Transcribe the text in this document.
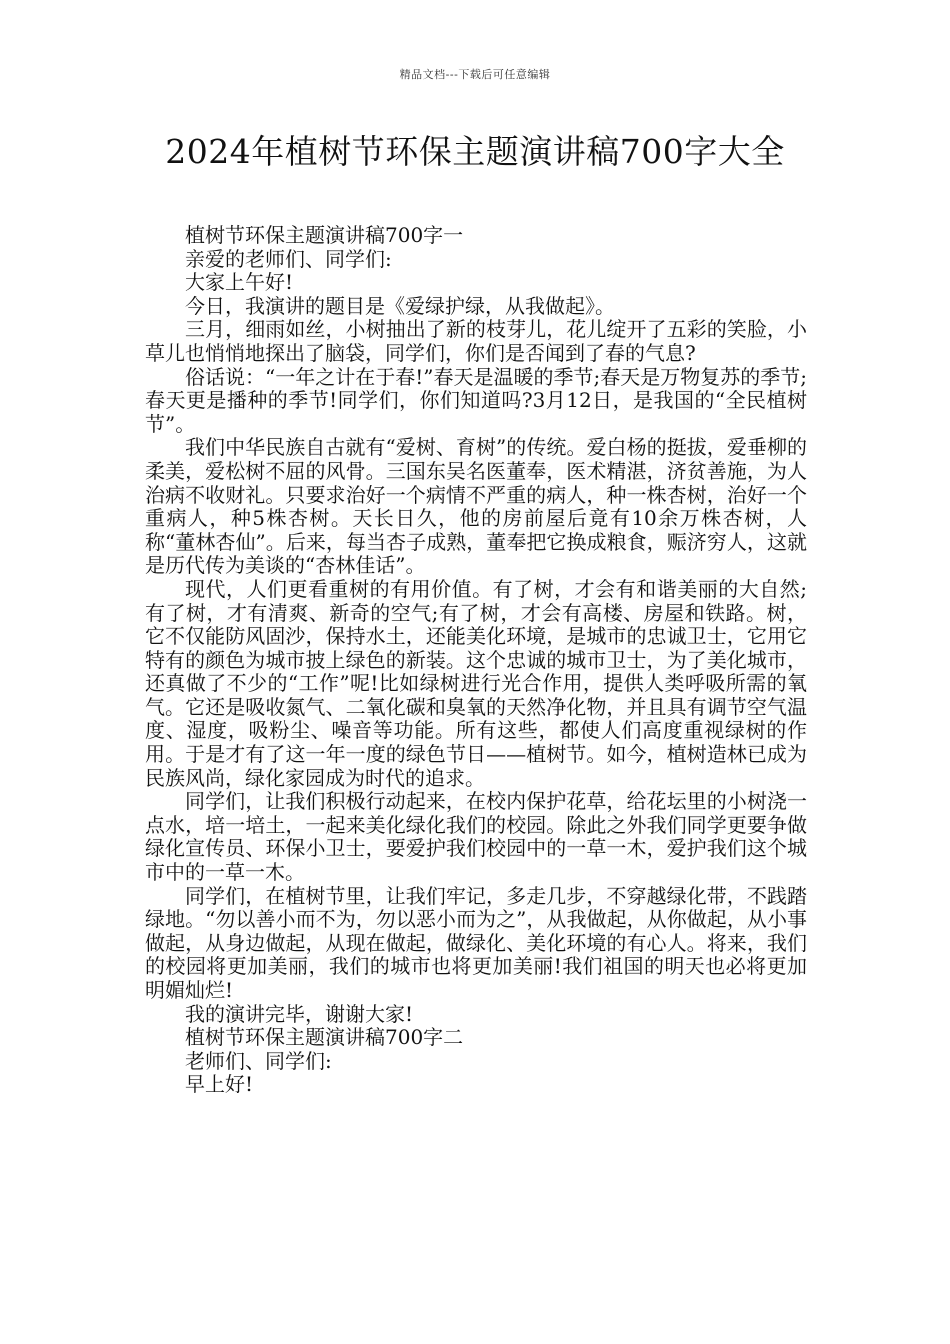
精品文档---下载后可任意编辑
2024年植树节环保主题演讲稿700字大全

植树节环保主题演讲稿700字一

亲爱的老师们、同学们:

大家上午好!

今日，我演讲的题目是《爱绿护绿，从我做起》。

三月，细雨如丝，小树抽出了新的枝芽儿，花儿绽开了五彩的笑脸，小草儿也悄悄地探出了脑袋，同学们，你们是否闻到了春的气息?

俗话说：“一年之计在于春!”春天是温暖的季节;春天是万物复苏的季节;春天更是播种的季节!同学们，你们知道吗?3月12日，是我国的“全民植树节”。

我们中华民族自古就有“爱树、育树”的传统。爱白杨的挺拔，爱垂柳的柔美，爱松树不屈的风骨。三国东吴名医董奉，医术精湛，济贫善施，为人治病不收财礼。只要求治好一个病情不严重的病人，种一株杏树，治好一个重病人，种5株杏树。天长日久，他的房前屋后竟有10余万株杏树，人称“董林杏仙”。后来，每当杏子成熟，董奉把它换成粮食，赈济穷人，这就是历代传为美谈的“杏林佳话”。

现代，人们更看重树的有用价值。有了树，才会有和谐美丽的大自然;有了树，才有清爽、新奇的空气;有了树，才会有高楼、房屋和铁路。树，它不仅能防风固沙，保持水土，还能美化环境，是城市的忠诚卫士，它用它特有的颜色为城市披上绿色的新装。这个忠诚的城市卫士，为了美化城市，还真做了不少的“工作”呢!比如绿树进行光合作用，提供人类呼吸所需的氧气。它还是吸收氮气、二氧化碳和臭氧的天然净化物，并且具有调节空气温度、湿度，吸粉尘、噪音等功能。所有这些，都使人们高度重视绿树的作用。于是才有了这一年一度的绿色节日——植树节。如今，植树造林已成为民族风尚，绿化家园成为时代的追求。

同学们，让我们积极行动起来，在校内保护花草，给花坛里的小树浇一点水，培一培土，一起来美化绿化我们的校园。除此之外我们同学更要争做绿化宣传员、环保小卫士，要爱护我们校园中的一草一木，爱护我们这个城市中的一草一木。

同学们，在植树节里，让我们牢记，多走几步，不穿越绿化带，不践踏绿地。“勿以善小而不为，勿以恶小而为之”，从我做起，从你做起，从小事做起，从身边做起，从现在做起，做绿化、美化环境的有心人。将来，我们的校园将更加美丽，我们的城市也将更加美丽!我们祖国的明天也必将更加明媚灿烂!

我的演讲完毕，谢谢大家!

植树节环保主题演讲稿700字二

老师们、同学们:

早上好!
